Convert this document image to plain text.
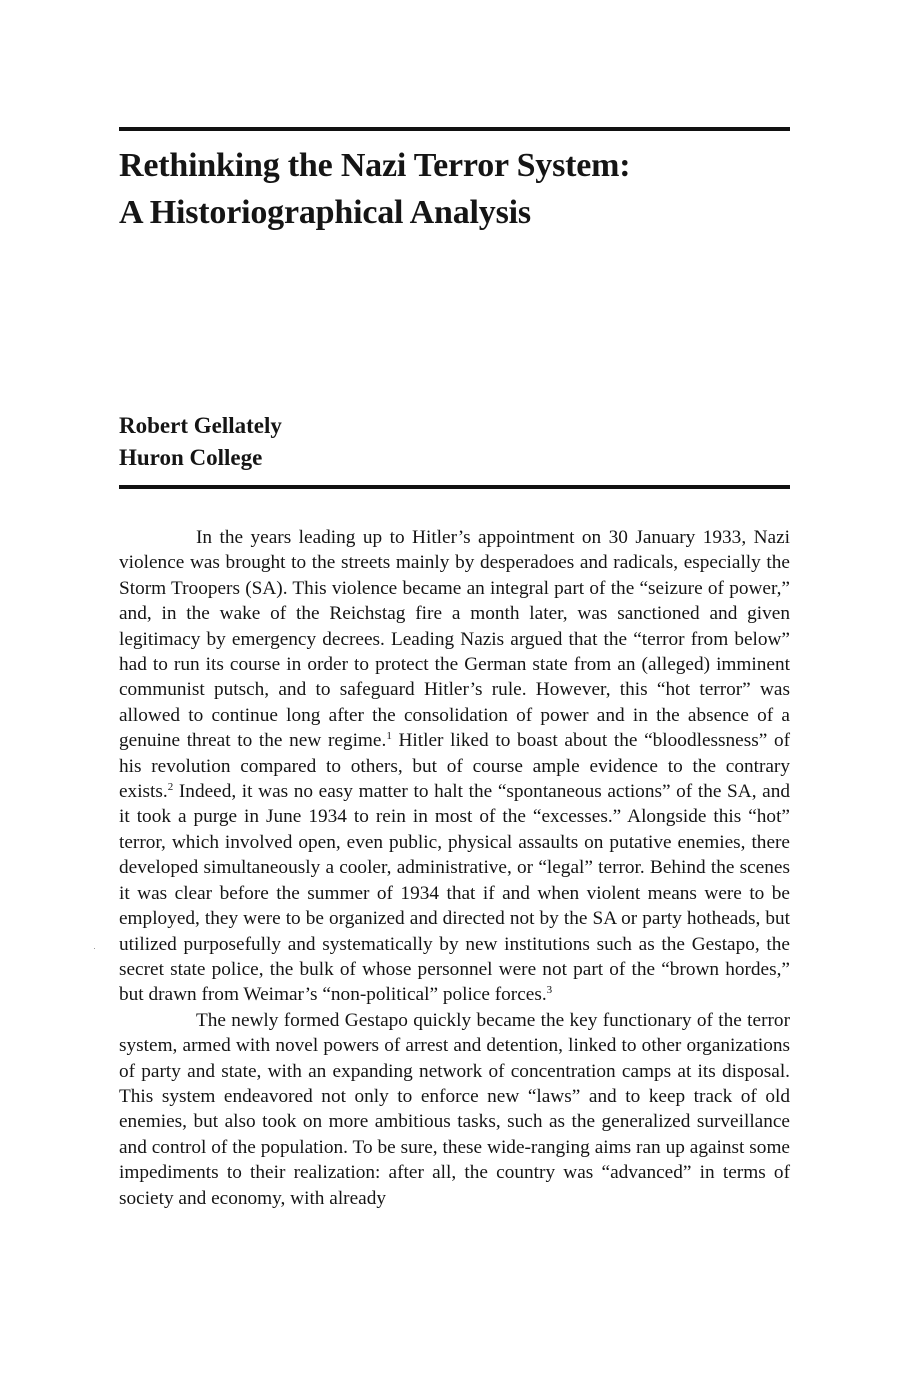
Rethinking the Nazi Terror System:
A Historiographical Analysis
Robert Gellately
Huron College

In the years leading up to Hitler’s appointment on 30 January 1933, Nazi violence was brought to the streets mainly by desperadoes and radicals, especially the Storm Troopers (SA). This violence became an integral part of the “seizure of power,” and, in the wake of the Reichstag fire a month later, was sanctioned and given legitimacy by emergency decrees. Leading Nazis argued that the “terror from below” had to run its course in order to protect the German state from an (alleged) imminent communist putsch, and to safeguard Hitler’s rule. However, this “hot terror” was allowed to continue long after the consolidation of power and in the absence of a genuine threat to the new regime.$^1$ Hitler liked to boast about the “bloodlessness” of his revolution compared to others, but of course ample evidence to the contrary exists.$^2$ Indeed, it was no easy matter to halt the “spontaneous actions” of the SA, and it took a purge in June 1934 to rein in most of the “excesses.” Alongside this “hot” terror, which involved open, even public, physical assaults on putative enemies, there developed simultaneously a cooler, administrative, or “legal” terror. Behind the scenes it was clear before the summer of 1934 that if and when violent means were to be employed, they were to be organized and directed not by the SA or party hotheads, but utilized purposefully and systematically by new institutions such as the Gestapo, the secret state police, the bulk of whose personnel were not part of the “brown hordes,” but drawn from Weimar’s “non-political” police forces.$^3$

The newly formed Gestapo quickly became the key functionary of the terror system, armed with novel powers of arrest and detention, linked to other organizations of party and state, with an expanding network of concentration camps at its disposal. This system endeavored not only to enforce new “laws” and to keep track of old enemies, but also took on more ambitious tasks, such as the generalized surveillance and control of the population. To be sure, these wide-ranging aims ran up against some impediments to their realization: after all, the country was “advanced” in terms of society and economy, with already
